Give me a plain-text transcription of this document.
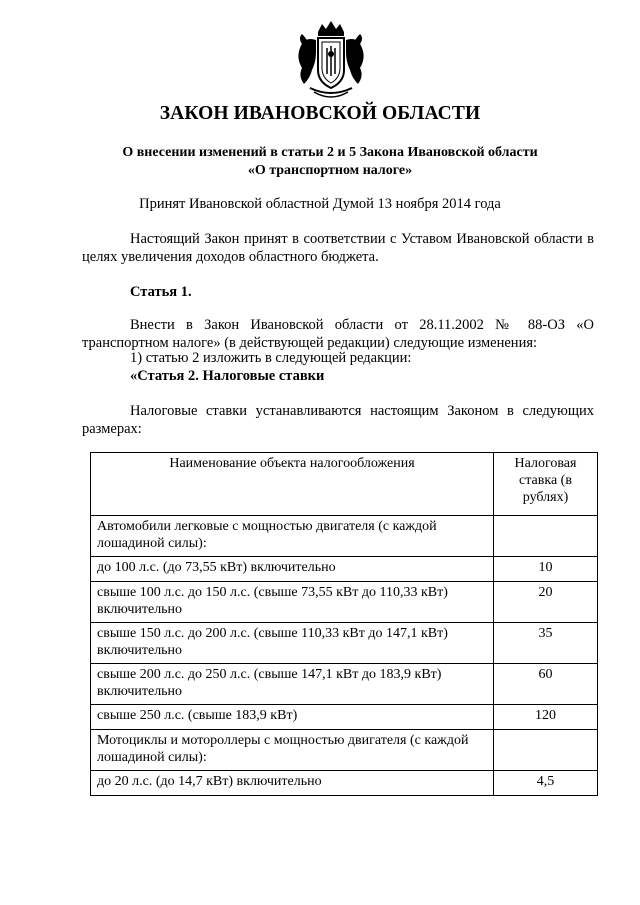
ЗАКОН ИВАНОВСКОЙ ОБЛАСТИ
О внесении изменений в статьи 2 и 5 Закона Ивановской области
«О транспортном налоге»
Принят Ивановской областной Думой 13 ноября 2014 года
Настоящий Закон принят в соответствии с Уставом Ивановской области в целях увеличения доходов областного бюджета.
Статья 1.
Внести в Закон Ивановской области от 28.11.2002 № 88-ОЗ «О транспортном налоге» (в действующей редакции) следующие изменения:
1) статью 2 изложить в следующей редакции:
«Статья 2. Налоговые ставки
Налоговые ставки устанавливаются настоящим Законом в следующих размерах:
Наименование объекта налогообложения	Налоговая ставка (в рублях)
Автомобили легковые с мощностью двигателя (с каждой лошадиной силы):	
до 100 л.с. (до 73,55 кВт) включительно	10
свыше 100 л.с. до 150 л.с. (свыше 73,55 кВт до 110,33 кВт) включительно	20
свыше 150 л.с. до 200 л.с. (свыше 110,33 кВт до 147,1 кВт) включительно	35
свыше 200 л.с. до 250 л.с. (свыше 147,1 кВт до 183,9 кВт) включительно	60
свыше 250 л.с. (свыше 183,9 кВт)	120
Мотоциклы и мотороллеры с мощностью двигателя (с каждой лошадиной силы):	
до 20 л.с. (до 14,7 кВт) включительно	4,5
